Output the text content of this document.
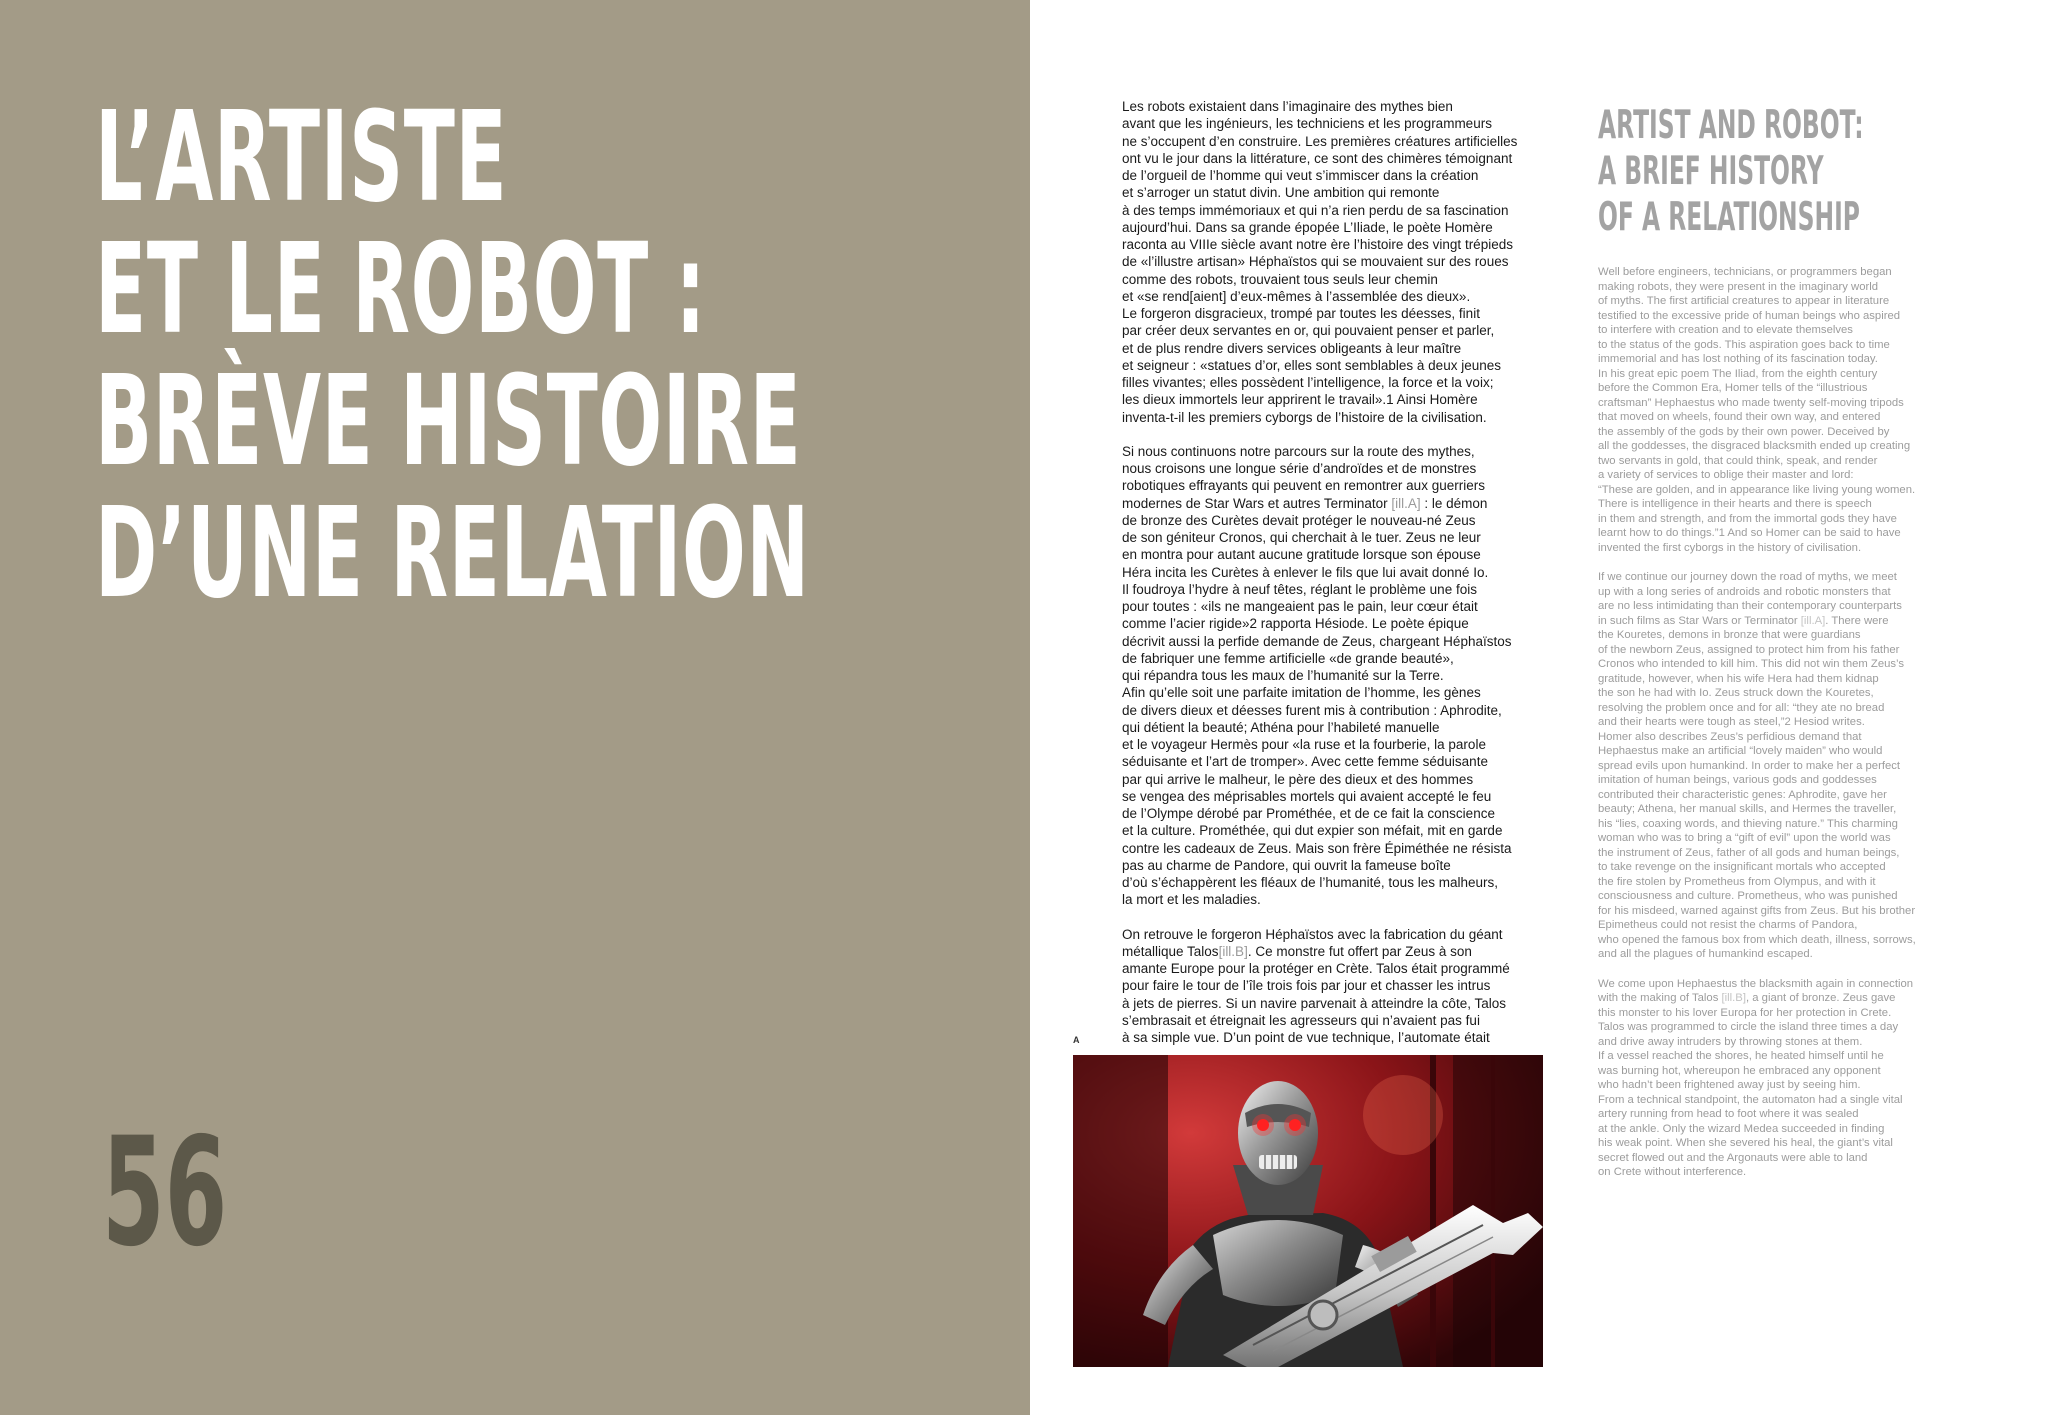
L’ARTISTE
ET LE ROBOT :
BRÈVE HISTOIRE
D’UNE RELATION
56

Les robots existaient dans l’imaginaire des mythes bien
avant que les ingénieurs, les techniciens et les programmeurs
ne s’occupent d’en construire. Les premières créatures artificielles
ont vu le jour dans la littérature, ce sont des chimères témoignant
de l’orgueil de l’homme qui veut s’immiscer dans la création
et s’arroger un statut divin. Une ambition qui remonte
à des temps immémoriaux et qui n’a rien perdu de sa fascination
aujourd’hui. Dans sa grande épopée L’Iliade, le poète Homère
raconta au VIIIe siècle avant notre ère l’histoire des vingt trépieds
de «l’illustre artisan» Héphaïstos qui se mouvaient sur des roues
comme des robots, trouvaient tous seuls leur chemin
et «se rend[aient] d’eux-mêmes à l’assemblée des dieux».
Le forgeron disgracieux, trompé par toutes les déesses, finit
par créer deux servantes en or, qui pouvaient penser et parler,
et de plus rendre divers services obligeants à leur maître
et seigneur : «statues d’or, elles sont semblables à deux jeunes
filles vivantes; elles possèdent l’intelligence, la force et la voix;
les dieux immortels leur apprirent le travail».1 Ainsi Homère
inventa-t-il les premiers cyborgs de l’histoire de la civilisation.

Si nous continuons notre parcours sur la route des mythes,
nous croisons une longue série d’androïdes et de monstres
robotiques effrayants qui peuvent en remontrer aux guerriers
modernes de Star Wars et autres Terminator [ill.A] : le démon
de bronze des Curètes devait protéger le nouveau-né Zeus
de son géniteur Cronos, qui cherchait à le tuer. Zeus ne leur
en montra pour autant aucune gratitude lorsque son épouse
Héra incita les Curètes à enlever le fils que lui avait donné Io.
Il foudroya l’hydre à neuf têtes, réglant le problème une fois
pour toutes : «ils ne mangeaient pas le pain, leur cœur était
comme l’acier rigide»2 rapporta Hésiode. Le poète épique
décrivit aussi la perfide demande de Zeus, chargeant Héphaïstos
de fabriquer une femme artificielle «de grande beauté»,
qui répandra tous les maux de l’humanité sur la Terre.
Afin qu’elle soit une parfaite imitation de l’homme, les gènes
de divers dieux et déesses furent mis à contribution : Aphrodite,
qui détient la beauté; Athéna pour l’habileté manuelle
et le voyageur Hermès pour «la ruse et la fourberie, la parole
séduisante et l’art de tromper». Avec cette femme séduisante
par qui arrive le malheur, le père des dieux et des hommes
se vengea des méprisables mortels qui avaient accepté le feu
de l’Olympe dérobé par Prométhée, et de ce fait la conscience
et la culture. Prométhée, qui dut expier son méfait, mit en garde
contre les cadeaux de Zeus. Mais son frère Épiméthée ne résista
pas au charme de Pandore, qui ouvrit la fameuse boîte
d’où s’échappèrent les fléaux de l’humanité, tous les malheurs,
la mort et les maladies.

On retrouve le forgeron Héphaïstos avec la fabrication du géant
métallique Talos[ill.B]. Ce monstre fut offert par Zeus à son
amante Europe pour la protéger en Crète. Talos était programmé
pour faire le tour de l’île trois fois par jour et chasser les intrus
à jets de pierres. Si un navire parvenait à atteindre la côte, Talos
s’embrasait et étreignait les agresseurs qui n’avaient pas fui
à sa simple vue. D’un point de vue technique, l’automate était

A
ARTIST AND ROBOT:
A BRIEF HISTORY
OF A RELATIONSHIP

Well before engineers, technicians, or programmers began
making robots, they were present in the imaginary world
of myths. The first artificial creatures to appear in literature
testified to the excessive pride of human beings who aspired
to interfere with creation and to elevate themselves
to the status of the gods. This aspiration goes back to time
immemorial and has lost nothing of its fascination today.
In his great epic poem The Iliad, from the eighth century
before the Common Era, Homer tells of the “illustrious
craftsman” Hephaestus who made twenty self-moving tripods
that moved on wheels, found their own way, and entered
the assembly of the gods by their own power. Deceived by
all the goddesses, the disgraced blacksmith ended up creating
two servants in gold, that could think, speak, and render
a variety of services to oblige their master and lord:
“These are golden, and in appearance like living young women.
There is intelligence in their hearts and there is speech
in them and strength, and from the immortal gods they have
learnt how to do things.”1 And so Homer can be said to have
invented the first cyborgs in the history of civilisation.

If we continue our journey down the road of myths, we meet
up with a long series of androids and robotic monsters that
are no less intimidating than their contemporary counterparts
in such films as Star Wars or Terminator [ill.A]. There were
the Kouretes, demons in bronze that were guardians
of the newborn Zeus, assigned to protect him from his father
Cronos who intended to kill him. This did not win them Zeus’s
gratitude, however, when his wife Hera had them kidnap
the son he had with Io. Zeus struck down the Kouretes,
resolving the problem once and for all: “they ate no bread
and their hearts were tough as steel,”2 Hesiod writes.
Homer also describes Zeus’s perfidious demand that
Hephaestus make an artificial “lovely maiden” who would
spread evils upon humankind. In order to make her a perfect
imitation of human beings, various gods and goddesses
contributed their characteristic genes: Aphrodite, gave her
beauty; Athena, her manual skills, and Hermes the traveller,
his “lies, coaxing words, and thieving nature.” This charming
woman who was to bring a “gift of evil” upon the world was
the instrument of Zeus, father of all gods and human beings,
to take revenge on the insignificant mortals who accepted
the fire stolen by Prometheus from Olympus, and with it
consciousness and culture. Prometheus, who was punished
for his misdeed, warned against gifts from Zeus. But his brother
Epimetheus could not resist the charms of Pandora,
who opened the famous box from which death, illness, sorrows,
and all the plagues of humankind escaped.

We come upon Hephaestus the blacksmith again in connection
with the making of Talos [ill.B], a giant of bronze. Zeus gave
this monster to his lover Europa for her protection in Crete.
Talos was programmed to circle the island three times a day
and drive away intruders by throwing stones at them.
If a vessel reached the shores, he heated himself until he
was burning hot, whereupon he embraced any opponent
who hadn’t been frightened away just by seeing him.
From a technical standpoint, the automaton had a single vital
artery running from head to foot where it was sealed
at the ankle. Only the wizard Medea succeeded in finding
his weak point. When she severed his heal, the giant’s vital
secret flowed out and the Argonauts were able to land
on Crete without interference.
